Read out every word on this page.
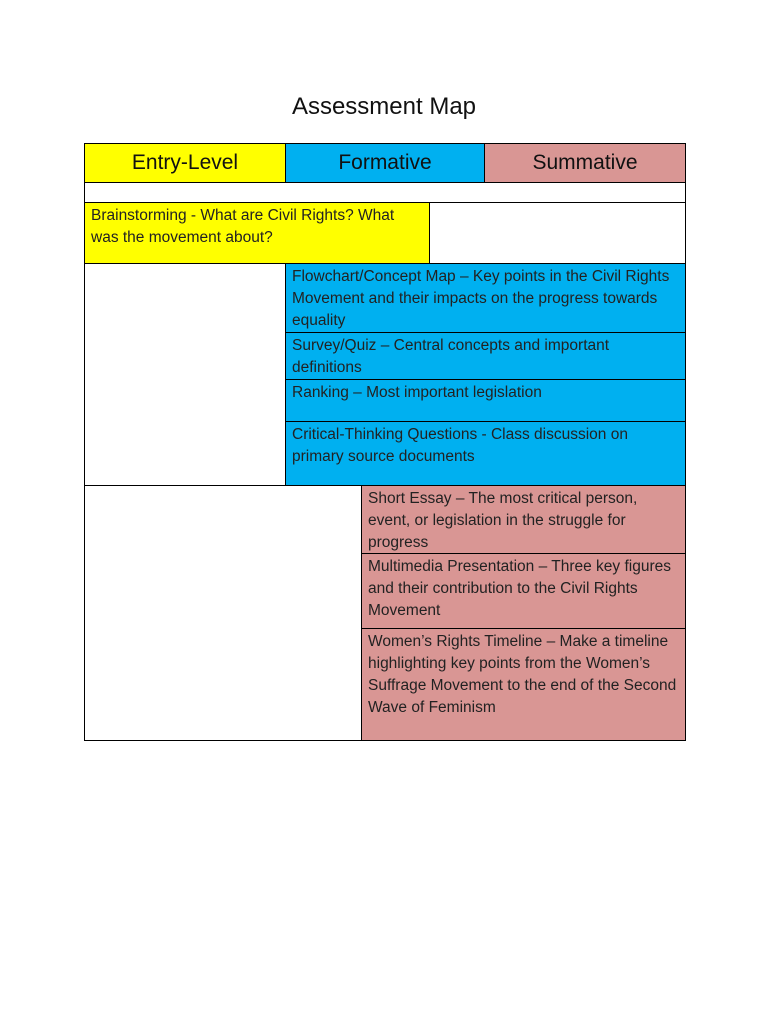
Assessment Map
Entry-Level	Formative	Summative
Brainstorming - What are Civil Rights? What was the movement about?
Flowchart/Concept Map – Key points in the Civil Rights Movement and their impacts on the progress towards equality
Survey/Quiz – Central concepts and important definitions
Ranking – Most important legislation
Critical-Thinking Questions - Class discussion on primary source documents
Short Essay – The most critical person, event, or legislation in the struggle for progress
Multimedia Presentation – Three key figures and their contribution to the Civil Rights Movement
Women’s Rights Timeline – Make a timeline highlighting key points from the Women’s Suffrage Movement to the end of the Second Wave of Feminism
